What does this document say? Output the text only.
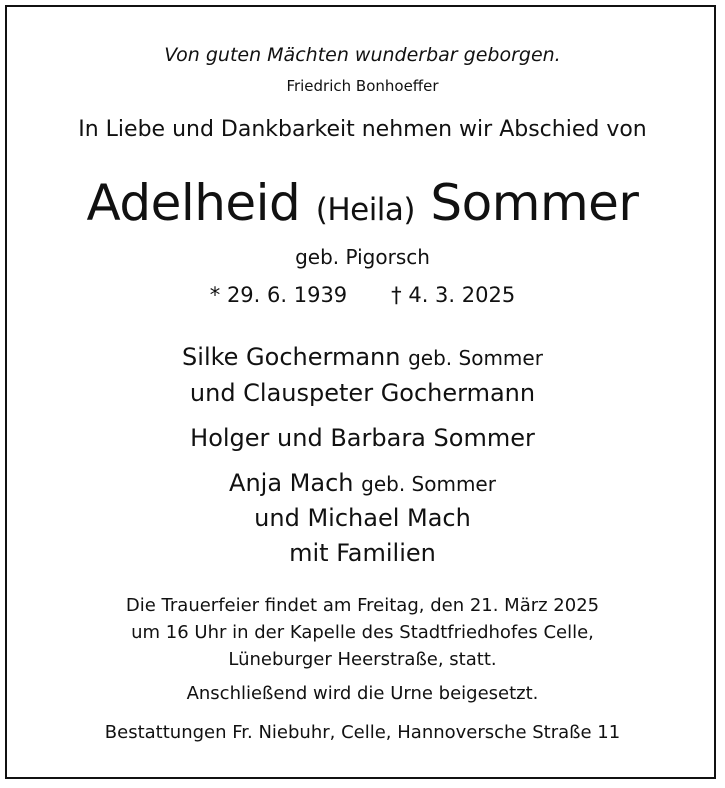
Von guten Mächten wunderbar geborgen.
Friedrich Bonhoeffer
In Liebe und Dankbarkeit nehmen wir Abschied von
Adelheid (Heila) Sommer
geb. Pigorsch
* 29. 6. 1939 † 4. 3. 2025
Silke Gochermann geb. Sommer
und Clauspeter Gochermann
Holger und Barbara Sommer
Anja Mach geb. Sommer
und Michael Mach
mit Familien
Die Trauerfeier findet am Freitag, den 21. März 2025
um 16 Uhr in der Kapelle des Stadtfriedhofes Celle,
Lüneburger Heerstraße, statt.
Anschließend wird die Urne beigesetzt.
Bestattungen Fr. Niebuhr, Celle, Hannoversche Straße 11
